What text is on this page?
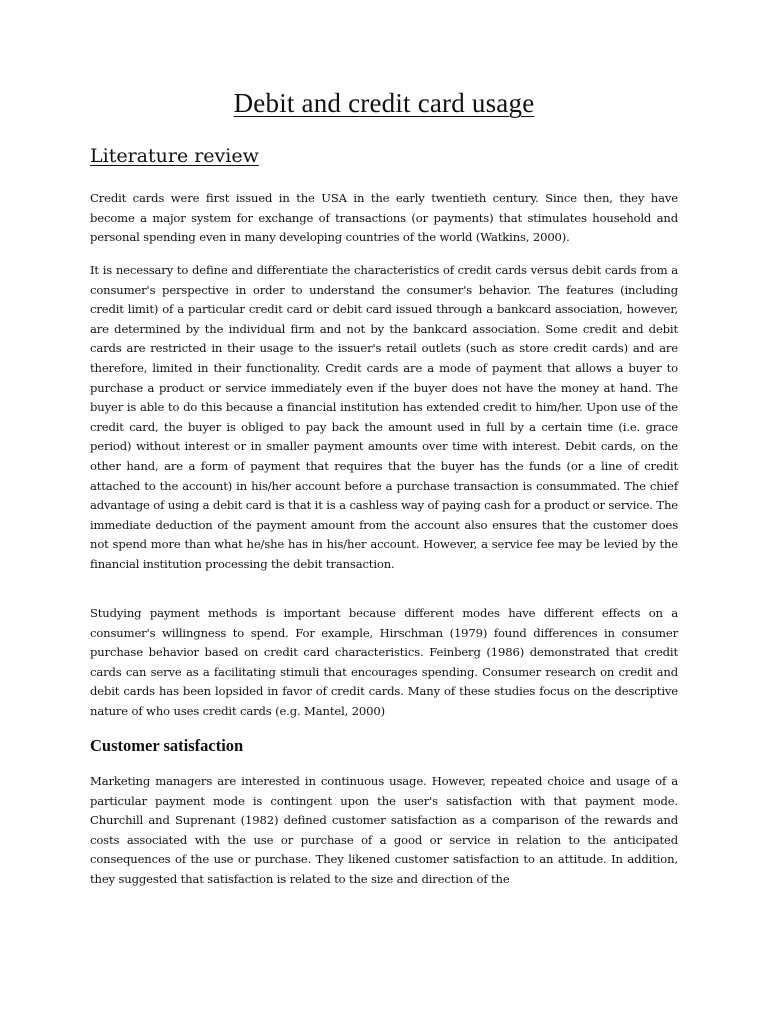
Debit and credit card usage
Literature review

Credit cards were first issued in the USA in the early twentieth century. Since then, they have become a major system for exchange of transactions (or payments) that stimulates household and personal spending even in many developing countries of the world (Watkins, 2000).

It is necessary to define and differentiate the characteristics of credit cards versus debit cards from a consumer's perspective in order to understand the consumer's behavior. The features (including credit limit) of a particular credit card or debit card issued through a bankcard association, however, are determined by the individual firm and not by the bankcard association. Some credit and debit cards are restricted in their usage to the issuer's retail outlets (such as store credit cards) and are therefore, limited in their functionality. Credit cards are a mode of payment that allows a buyer to purchase a product or service immediately even if the buyer does not have the money at hand. The buyer is able to do this because a financial institution has extended credit to him/her. Upon use of the credit card, the buyer is obliged to pay back the amount used in full by a certain time (i.e. grace period) without interest or in smaller payment amounts over time with interest. Debit cards, on the other hand, are a form of payment that requires that the buyer has the funds (or a line of credit attached to the account) in his/her account before a purchase transaction is consummated. The chief advantage of using a debit card is that it is a cashless way of paying cash for a product or service. The immediate deduction of the payment amount from the account also ensures that the customer does not spend more than what he/she has in his/her account. However, a service fee may be levied by the financial institution processing the debit transaction.

Studying payment methods is important because different modes have different effects on a consumer's willingness to spend. For example, Hirschman (1979) found differences in consumer purchase behavior based on credit card characteristics. Feinberg (1986) demonstrated that credit cards can serve as a facilitating stimuli that encourages spending. Consumer research on credit and debit cards has been lopsided in favor of credit cards. Many of these studies focus on the descriptive nature of who uses credit cards (e.g. Mantel, 2000)

Customer satisfaction

Marketing managers are interested in continuous usage. However, repeated choice and usage of a particular payment mode is contingent upon the user's satisfaction with that payment mode. Churchill and Suprenant (1982) defined customer satisfaction as a comparison of the rewards and costs associated with the use or purchase of a good or service in relation to the anticipated consequences of the use or purchase. They likened customer satisfaction to an attitude. In addition, they suggested that satisfaction is related to the size and direction of the
